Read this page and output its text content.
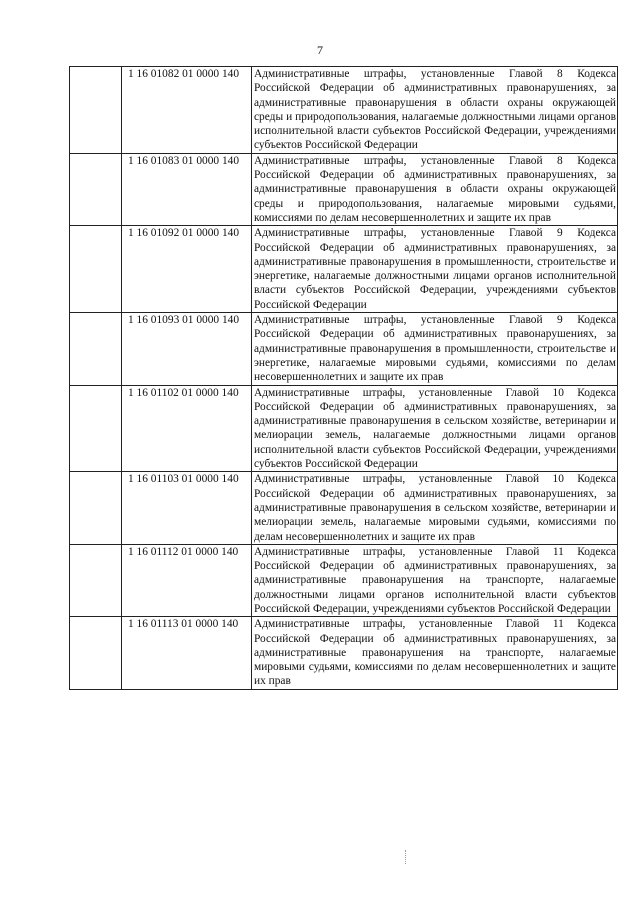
7
	1 16 01082 01 0000 140	Административные штрафы, установленные Главой 8 Кодекса Российской Федерации об административных правонарушениях, за административные правонарушения в области охраны окружающей среды и природопользования, налагаемые должностными лицами органов исполнительной власти субъектов Российской Федерации, учреждениями субъектов Российской Федерации
	1 16 01083 01 0000 140	Административные штрафы, установленные Главой 8 Кодекса Российской Федерации об административных правонарушениях, за административные правонарушения в области охраны окружающей среды и природопользования, налагаемые мировыми судьями, комиссиями по делам несовершеннолетних и защите их прав
	1 16 01092 01 0000 140	Административные штрафы, установленные Главой 9 Кодекса Российской Федерации об административных правонарушениях, за административные правонарушения в промышленности, строительстве и энергетике, налагаемые должностными лицами органов исполнительной власти субъектов Российской Федерации, учреждениями субъектов Российской Федерации
	1 16 01093 01 0000 140	Административные штрафы, установленные Главой 9 Кодекса Российской Федерации об административных правонарушениях, за административные правонарушения в промышленности, строительстве и энергетике, налагаемые мировыми судьями, комиссиями по делам несовершеннолетних и защите их прав
	1 16 01102 01 0000 140	Административные штрафы, установленные Главой 10 Кодекса Российской Федерации об административных правонарушениях, за административные правонарушения в сельском хозяйстве, ветеринарии и мелиорации земель, налагаемые должностными лицами органов исполнительной власти субъектов Российской Федерации, учреждениями субъектов Российской Федерации
	1 16 01103 01 0000 140	Административные штрафы, установленные Главой 10 Кодекса Российской Федерации об административных правонарушениях, за административные правонарушения в сельском хозяйстве, ветеринарии и мелиорации земель, налагаемые мировыми судьями, комиссиями по делам несовершеннолетних и защите их прав
	1 16 01112 01 0000 140	Административные штрафы, установленные Главой 11 Кодекса Российской Федерации об административных правонарушениях, за административные правонарушения на транспорте, налагаемые должностными лицами органов исполнительной власти субъектов Российской Федерации, учреждениями субъектов Российской Федерации
	1 16 01113 01 0000 140	Административные штрафы, установленные Главой 11 Кодекса Российской Федерации об административных правонарушениях, за административные правонарушения на транспорте, налагаемые мировыми судьями, комиссиями по делам несовершеннолетних и защите их прав
